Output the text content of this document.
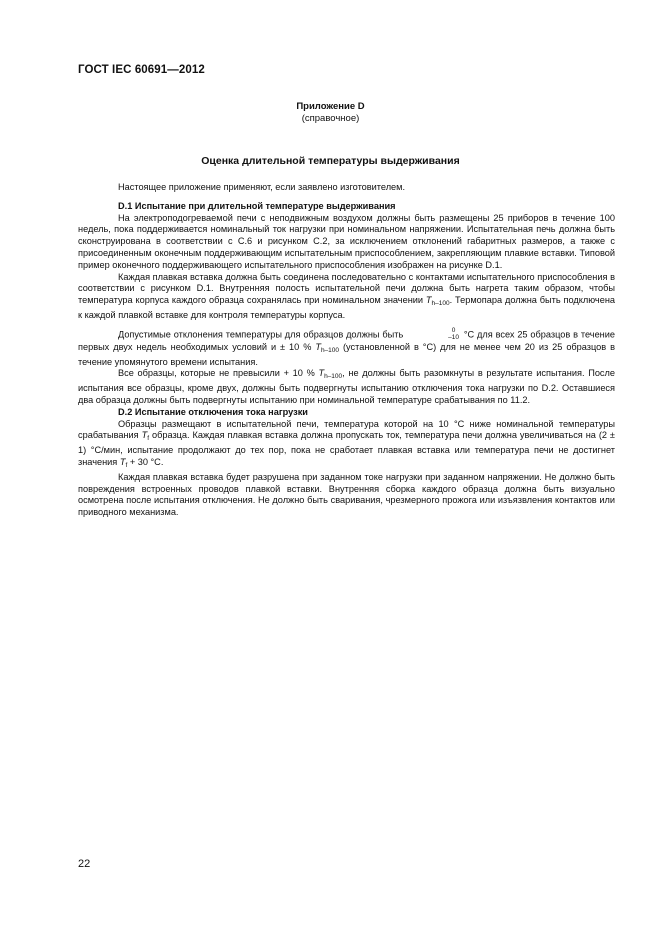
ГОСТ IEC 60691—2012
Приложение D
(справочное)
Оценка длительной температуры выдерживания

Настоящее приложение применяют, если заявлено изготовителем.

D.1 Испытание при длительной температуре выдерживания

На электроподогреваемой печи с неподвижным воздухом должны быть размещены 25 приборов в течение 100 недель, пока поддерживается номинальный ток нагрузки при номинальном напряжении. Испытательная печь должна быть сконструирована в соответствии с С.6 и рисунком С.2, за исключением отклонений габаритных размеров, а также с присоединенным оконечным поддерживающим испытательным приспособлением, закрепляющим плавкие вставки. Типовой пример оконечного поддерживающего испытательного приспособления изображен на рисунке D.1.

Каждая плавкая вставка должна быть соединена последовательно с контактами испытательного приспособления в соответствии с рисунком D.1. Внутренняя полость испытательной печи должна быть нагрета таким образом, чтобы температура корпуса каждого образца сохранялась при номинальном значении $T_{h-100}$. Термопара должна быть подключена к каждой плавкой вставке для контроля температуры корпуса.

Допустимые отклонения температуры для образцов должны быть	0
–10 °С для всех 25 образцов в течение первых двух недель необходимых условий и ± 10 % $T_{h-100}$ (установленной в °С) для не менее чем 20 из 25 образцов в течение упомянутого времени испытания.

Все образцы, которые не превысили + 10 % $T_{h-100}$, не должны быть разомкнуты в результате испытания. После испытания все образцы, кроме двух, должны быть подвергнуты испытанию отключения тока нагрузки по D.2. Оставшиеся два образца должны быть подвергнуты испытанию при номинальной температуре срабатывания по 11.2.

D.2 Испытание отключения тока нагрузки

Образцы размещают в испытательной печи, температура которой на 10 °С ниже номинальной температуры срабатывания $T_f$ образца. Каждая плавкая вставка должна пропускать ток, температура печи должна увеличиваться на (2 ± 1) °С/мин, испытание продолжают до тех пор, пока не сработает плавкая вставка или температура печи не достигнет значения $T_f + 30$ °С.

Каждая плавкая вставка будет разрушена при заданном токе нагрузки при заданном напряжении. Не должно быть повреждения встроенных проводов плавкой вставки. Внутренняя сборка каждого образца должна быть визуально осмотрена после испытания отключения. Не должно быть сваривания, чрезмерного прожога или изъязвления контактов или приводного механизма.

22
